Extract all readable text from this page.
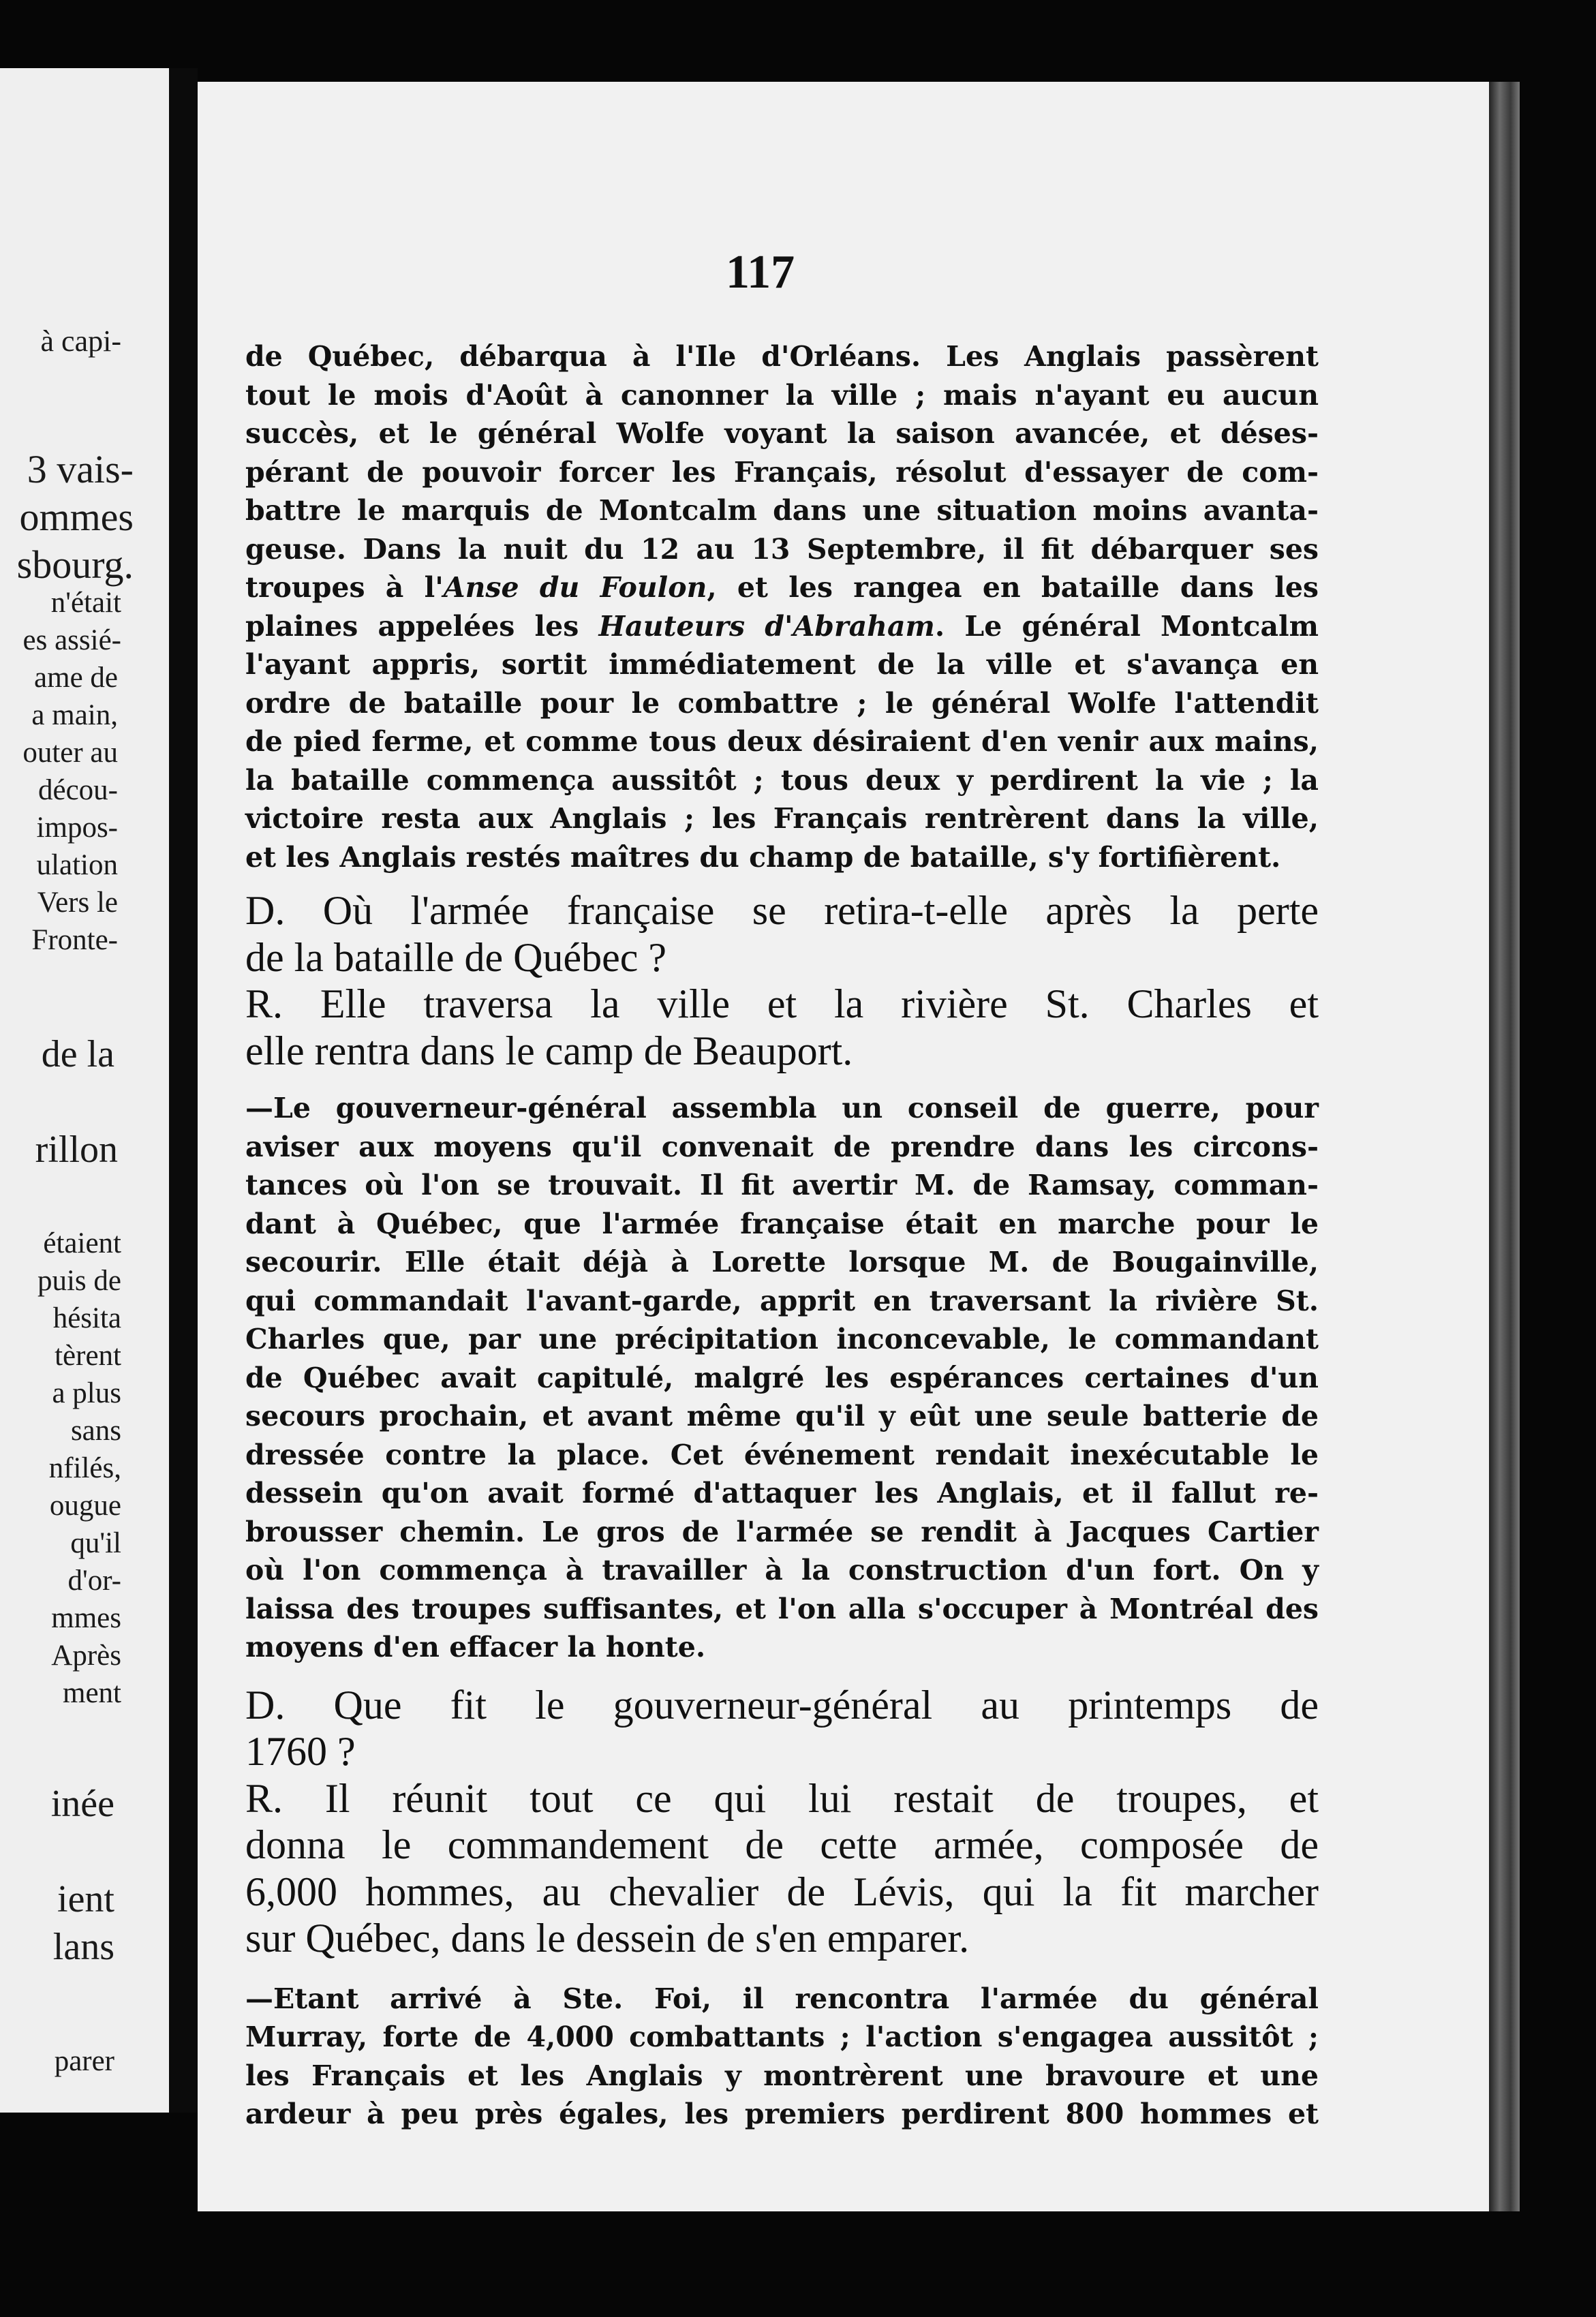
à capi-
3 vais-
ommes
sbourg.
n'était
es assié-
ame de
a main,
outer au
décou-
impos-
ulation
Vers le
Fronte-
de la
rillon
étaient
puis de
hésita
tèrent
a plus
sans
nfilés,
ougue
qu'il
d'or-
mmes
Après
ment
inée
ient
lans
parer
117

de Québec, débarqua à l'Ile d'Orléans. Les Anglais passèrent

tout le mois d'Août à canonner la ville ; mais n'ayant eu aucun

succès, et le général Wolfe voyant la saison avancée, et déses-

pérant de pouvoir forcer les Français, résolut d'essayer de com-

battre le marquis de Montcalm dans une situation moins avanta-

geuse. Dans la nuit du 12 au 13 Septembre, il fit débarquer ses

troupes à l'Anse du Foulon, et les rangea en bataille dans les

plaines appelées les Hauteurs d'Abraham. Le général Montcalm

l'ayant appris, sortit immédiatement de la ville et s'avança en

ordre de bataille pour le combattre ; le général Wolfe l'attendit

de pied ferme, et comme tous deux désiraient d'en venir aux mains,

la bataille commença aussitôt ; tous deux y perdirent la vie ; la

victoire resta aux Anglais ; les Français rentrèrent dans la ville,

et les Anglais restés maîtres du champ de bataille, s'y fortifièrent.

D. Où l'armée française se retira-t-elle après la perte

de la bataille de Québec ?

R. Elle traversa la ville et la rivière St. Charles et

elle rentra dans le camp de Beauport.

—Le gouverneur-général assembla un conseil de guerre, pour

aviser aux moyens qu'il convenait de prendre dans les circons-

tances où l'on se trouvait. Il fit avertir M. de Ramsay, comman-

dant à Québec, que l'armée française était en marche pour le

secourir. Elle était déjà à Lorette lorsque M. de Bougainville,

qui commandait l'avant-garde, apprit en traversant la rivière St.

Charles que, par une précipitation inconcevable, le commandant

de Québec avait capitulé, malgré les espérances certaines d'un

secours prochain, et avant même qu'il y eût une seule batterie de

dressée contre la place. Cet événement rendait inexécutable le

dessein qu'on avait formé d'attaquer les Anglais, et il fallut re-

brousser chemin. Le gros de l'armée se rendit à Jacques Cartier

où l'on commença à travailler à la construction d'un fort. On y

laissa des troupes suffisantes, et l'on alla s'occuper à Montréal des

moyens d'en effacer la honte.

D. Que fit le gouverneur-général au printemps de

1760 ?

R. Il réunit tout ce qui lui restait de troupes, et

donna le commandement de cette armée, composée de

6,000 hommes, au chevalier de Lévis, qui la fit marcher

sur Québec, dans le dessein de s'en emparer.

—Etant arrivé à Ste. Foi, il rencontra l'armée du général

Murray, forte de 4,000 combattants ; l'action s'engagea aussitôt ;

les Français et les Anglais y montrèrent une bravoure et une

ardeur à peu près égales, les premiers perdirent 800 hommes et
